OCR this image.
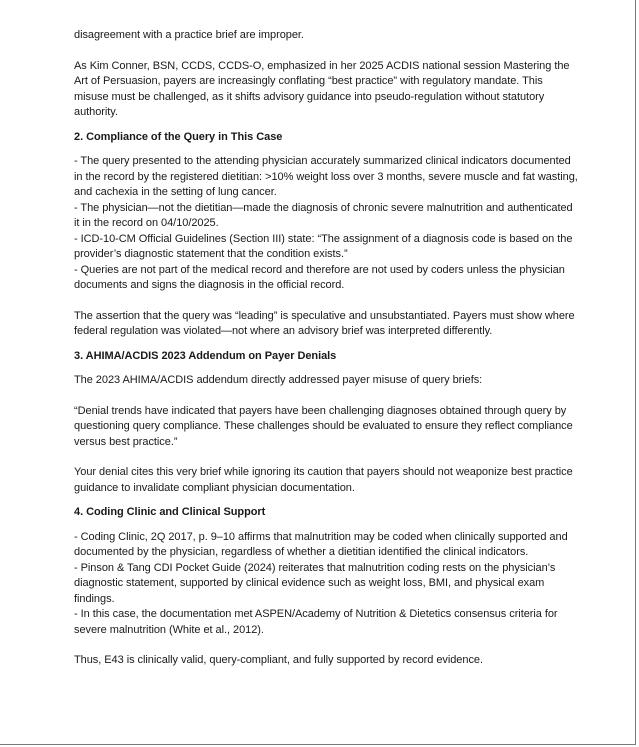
disagreement with a practice brief are improper.

As Kim Conner, BSN, CCDS, CCDS-O, emphasized in her 2025 ACDIS national session Mastering the Art of Persuasion, payers are increasingly conflating “best practice” with regulatory mandate. This misuse must be challenged, as it shifts advisory guidance into pseudo-regulation without statutory authority.

2. Compliance of the Query in This Case

- The query presented to the attending physician accurately summarized clinical indicators documented in the record by the registered dietitian: >10% weight loss over 3 months, severe muscle and fat wasting, and cachexia in the setting of lung cancer.

- The physician—not the dietitian—made the diagnosis of chronic severe malnutrition and authenticated it in the record on 04/10/2025.

- ICD-10-CM Official Guidelines (Section III) state: “The assignment of a diagnosis code is based on the provider’s diagnostic statement that the condition exists.”

- Queries are not part of the medical record and therefore are not used by coders unless the physician documents and signs the diagnosis in the official record.

The assertion that the query was “leading” is speculative and unsubstantiated. Payers must show where federal regulation was violated—not where an advisory brief was interpreted differently.

3. AHIMA/ACDIS 2023 Addendum on Payer Denials

The 2023 AHIMA/ACDIS addendum directly addressed payer misuse of query briefs:

“Denial trends have indicated that payers have been challenging diagnoses obtained through query by questioning query compliance. These challenges should be evaluated to ensure they reflect compliance versus best practice.”

Your denial cites this very brief while ignoring its caution that payers should not weaponize best practice guidance to invalidate compliant physician documentation.

4. Coding Clinic and Clinical Support

- Coding Clinic, 2Q 2017, p. 9–10 affirms that malnutrition may be coded when clinically supported and documented by the physician, regardless of whether a dietitian identified the clinical indicators.

- Pinson & Tang CDI Pocket Guide (2024) reiterates that malnutrition coding rests on the physician’s diagnostic statement, supported by clinical evidence such as weight loss, BMI, and physical exam findings.

- In this case, the documentation met ASPEN/Academy of Nutrition & Dietetics consensus criteria for severe malnutrition (White et al., 2012).

Thus, E43 is clinically valid, query-compliant, and fully supported by record evidence.
